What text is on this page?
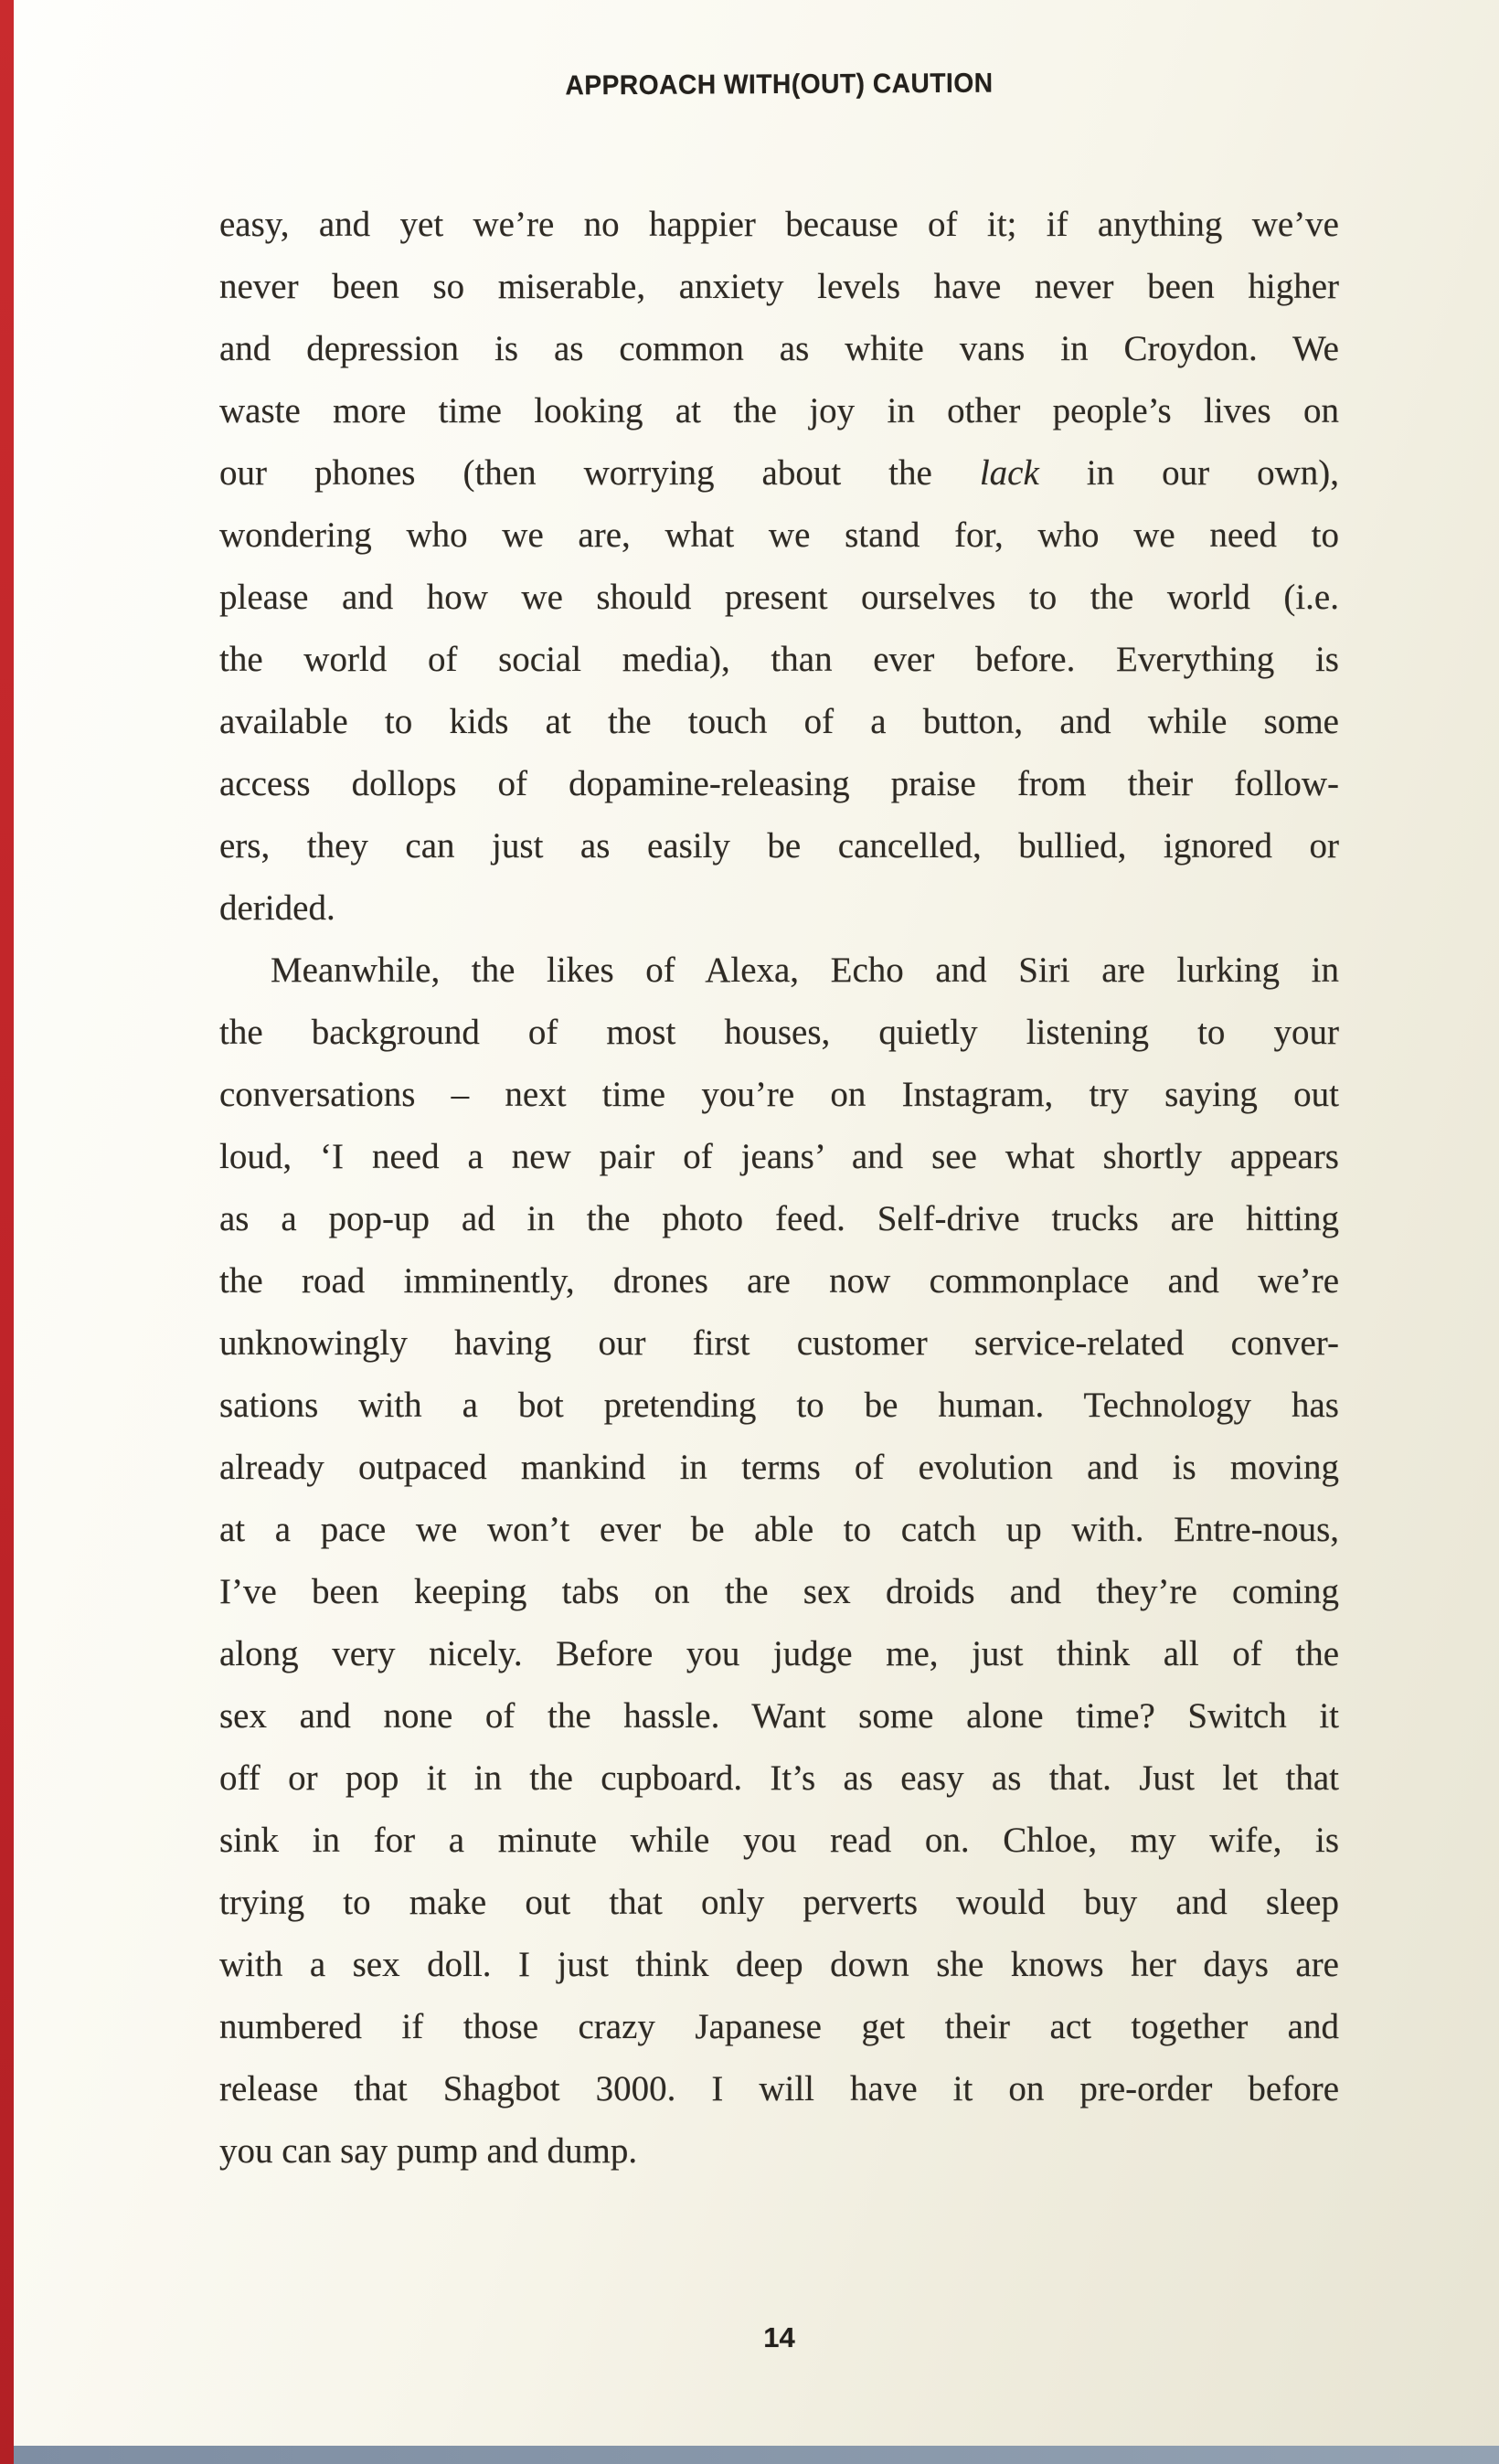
APPROACH WITH(OUT) CAUTION
easy, and yet we’re no happier because of it; if anything we’ve
never been so miserable, anxiety levels have never been higher
and depression is as common as white vans in Croydon. We
waste more time looking at the joy in other people’s lives on
our phones (then worrying about the lack in our own),
wondering who we are, what we stand for, who we need to
please and how we should present ourselves to the world (i.e.
the world of social media), than ever before. Everything is
available to kids at the touch of a button, and while some
access dollops of dopamine-releasing praise from their follow-
ers, they can just as easily be cancelled, bullied, ignored or
derided.
Meanwhile, the likes of Alexa, Echo and Siri are lurking in
the background of most houses, quietly listening to your
conversations – next time you’re on Instagram, try saying out
loud, ‘I need a new pair of jeans’ and see what shortly appears
as a pop-up ad in the photo feed. Self-drive trucks are hitting
the road imminently, drones are now commonplace and we’re
unknowingly having our first customer service-related conver-
sations with a bot pretending to be human. Technology has
already outpaced mankind in terms of evolution and is moving
at a pace we won’t ever be able to catch up with. Entre-nous,
I’ve been keeping tabs on the sex droids and they’re coming
along very nicely. Before you judge me, just think all of the
sex and none of the hassle. Want some alone time? Switch it
off or pop it in the cupboard. It’s as easy as that. Just let that
sink in for a minute while you read on. Chloe, my wife, is
trying to make out that only perverts would buy and sleep
with a sex doll. I just think deep down she knows her days are
numbered if those crazy Japanese get their act together and
release that Shagbot 3000. I will have it on pre-order before
you can say pump and dump.
14
